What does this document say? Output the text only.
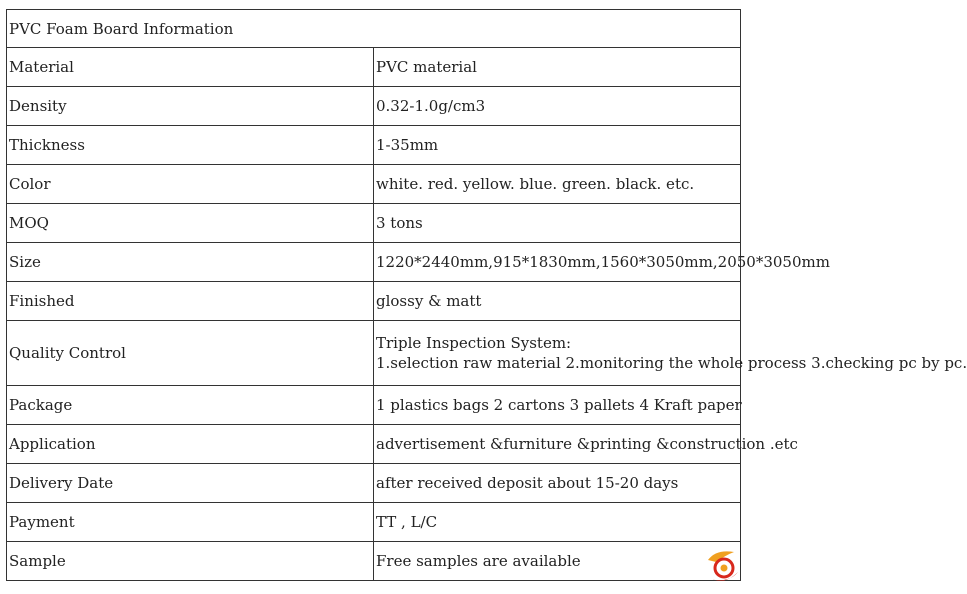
PVC Foam Board Information	
Material	PVC material
Density	0.32-1.0g/cm3
Thickness	1-35mm
Color	white. red. yellow. blue. green. black. etc.
MOQ	3 tons
Size	1220*2440mm,915*1830mm,1560*3050mm,2050*3050mm
Finished	glossy & matt
Quality Control	Triple Inspection System:
1.selection raw material 2.monitoring the whole process 3.checking pc by pc.

Package	1 plastics bags 2 cartons 3 pallets 4 Kraft paper
Application	advertisement &furniture &printing &construction .etc
Delivery Date	after received deposit about 15-20 days
Payment	TT , L/C
Sample	Free samples are available
